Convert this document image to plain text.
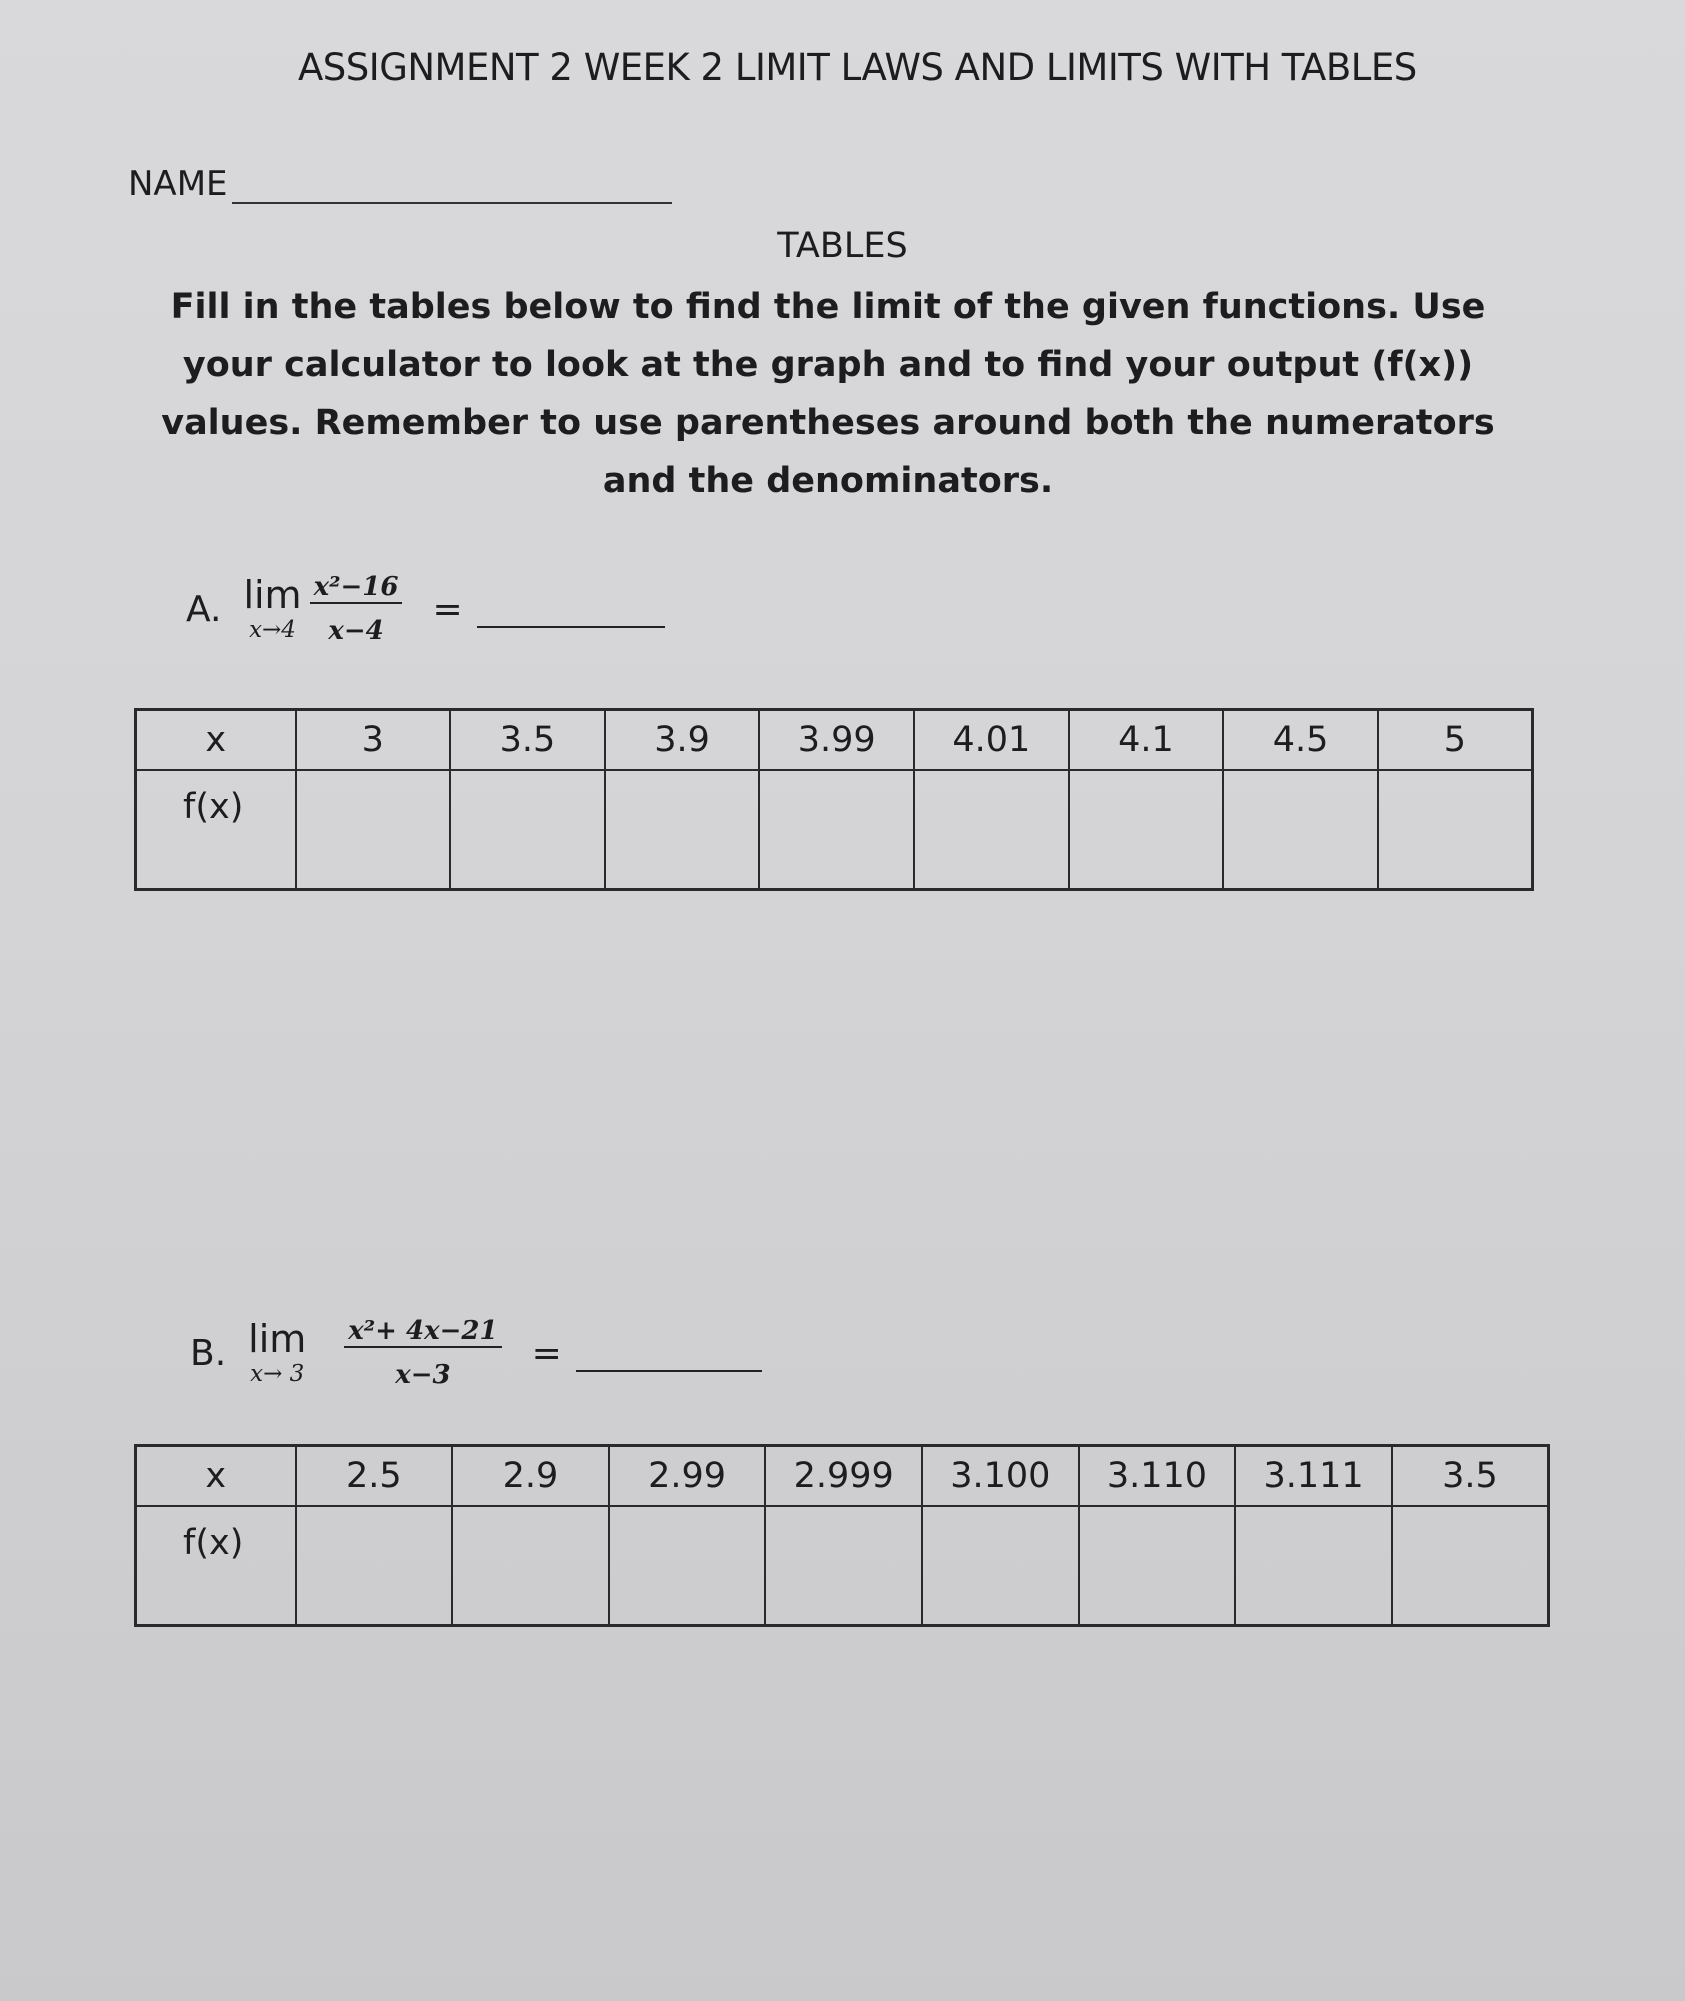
ASSIGNMENT 2 WEEK 2 LIMIT LAWS AND LIMITS WITH TABLES
NAME
TABLES
Fill in the tables below to find the limit of the given functions. Use your calculator to look at the graph and to find your output (f(x)) values. Remember to use parentheses around both the numerators and the denominators.
A. lim
$x\to 4 \frac{\text{x²−16}}{x-4}$ =
x	3	3.5	3.9	3.99	4.01	4.1	4.5	5
f(x)								
B. lim
$x\to 3 \frac{\text{x²+ 4x−21}}{x-3}$ =
x	2.5	2.9	2.99	2.999	3.100	3.110	3.111	3.5
f(x)								
